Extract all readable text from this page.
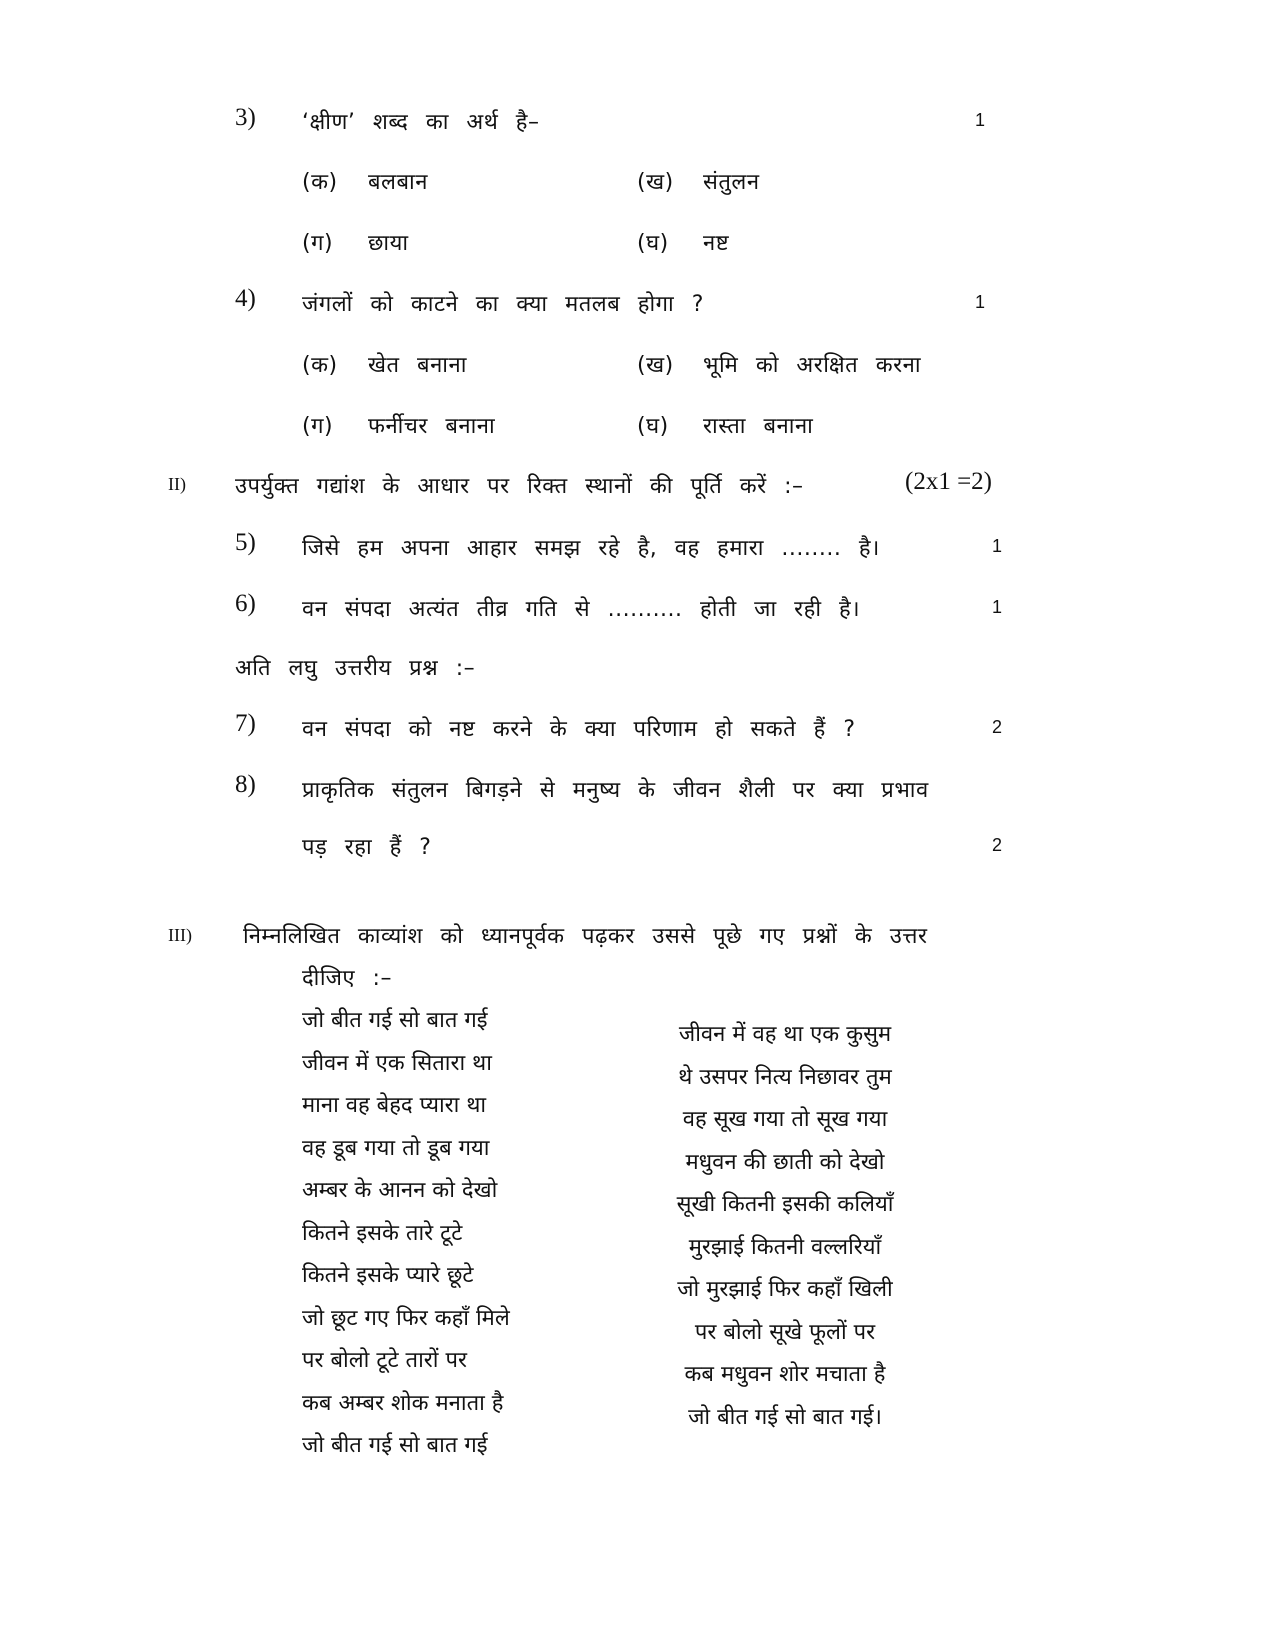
3) ‘क्षीण’ शब्द का अर्थ है–	1
(क) बलबान	(ख) संतुलन
(ग) छाया	(घ) नष्ट
4) जंगलों को काटने का क्या मतलब होगा ?	1
(क) खेत बनाना	(ख) भूमि को अरक्षित करना
(ग) फर्नीचर बनाना	(घ) रास्ता बनाना
II) उपर्युक्त गद्यांश के आधार पर रिक्त स्थानों की पूर्ति करें :–	(2x1 =2)
5) जिसे हम अपना आहार समझ रहे है, वह हमारा ........ है।	1
6) वन संपदा अत्यंत तीव्र गति से .......... होती जा रही है।	1
अति लघु उत्तरीय प्रश्न :–
7) वन संपदा को नष्ट करने के क्या परिणाम हो सकते हैं ?	2
8) प्राकृतिक संतुलन बिगड़ने से मनुष्य के जीवन शैली पर क्या प्रभाव
पड़ रहा हैं ?	2
III) निम्नलिखित काव्यांश को ध्यानपूर्वक पढ़कर उससे पूछे गए प्रश्नों के उत्तर
दीजिए :–
जो बीत गई सो बात गई
जीवन में एक सितारा था
माना वह बेहद प्यारा था
वह डूब गया तो डूब गया
अम्बर के आनन को देखो
कितने इसके तारे टूटे
कितने इसके प्यारे छूटे
जो छूट गए फिर कहाँ मिले
पर बोलो टूटे तारों पर
कब अम्बर शोक मनाता है
जो बीत गई सो बात गई
जीवन में वह था एक कुसुम
थे उसपर नित्य निछावर तुम
वह सूख गया तो सूख गया
मधुवन की छाती को देखो
सूखी कितनी इसकी कलियाँ
मुरझाई कितनी वल्लरियाँ
जो मुरझाई फिर कहाँ खिली
पर बोलो सूखे फूलों पर
कब मधुवन शोर मचाता है
जो बीत गई सो बात गई।
